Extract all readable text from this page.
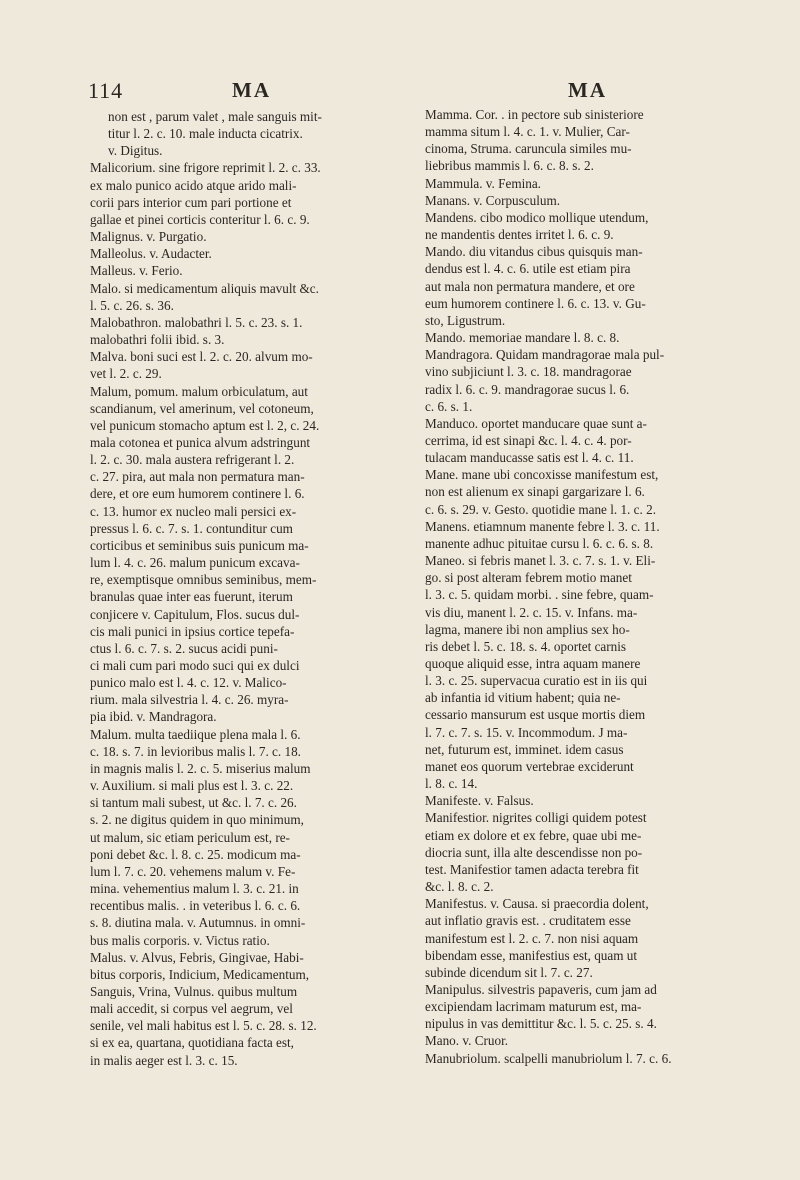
114	MA	MA

non est , parum valet , male sanguis mit-
titur l. 2. c. 10. male inducta cicatrix.
v. Digitus.

Malicorium. sine frigore reprimit l. 2. c. 33.
ex malo punico acido atque arido mali-
corii pars interior cum pari portione et
gallae et pinei corticis conteritur l. 6. c. 9.

Malignus. v. Purgatio.

Malleolus. v. Audacter.

Malleus. v. Ferio.

Malo. si medicamentum aliquis mavult &c.
l. 5. c. 26. s. 36.

Malobathron. malobathri l. 5. c. 23. s. 1.
malobathri folii ibid. s. 3.

Malva. boni suci est l. 2. c. 20. alvum mo-
vet l. 2. c. 29.

Malum, pomum. malum orbiculatum, aut
scandianum, vel amerinum, vel cotoneum,
vel punicum stomacho aptum est l. 2, c. 24.
mala cotonea et punica alvum adstringunt
l. 2. c. 30. mala austera refrigerant l. 2.
c. 27. pira, aut mala non permatura man-
dere, et ore eum humorem continere l. 6.
c. 13. humor ex nucleo mali persici ex-
pressus l. 6. c. 7. s. 1. contunditur cum
corticibus et seminibus suis punicum ma-
lum l. 4. c. 26. malum punicum excava-
re, exemptisque omnibus seminibus, mem-
branulas quae inter eas fuerunt, iterum
conjicere v. Capitulum, Flos. sucus dul-
cis mali punici in ipsius cortice tepefa-
ctus l. 6. c. 7. s. 2. sucus acidi puni-
ci mali cum pari modo suci qui ex dulci
punico malo est l. 4. c. 12. v. Malico-
rium. mala silvestria l. 4. c. 26. myra-
pia ibid. v. Mandragora.

Malum. multa taediique plena mala l. 6.
c. 18. s. 7. in levioribus malis l. 7. c. 18.
in magnis malis l. 2. c. 5. miserius malum
v. Auxilium. si mali plus est l. 3. c. 22.
si tantum mali subest, ut &c. l. 7. c. 26.
s. 2. ne digitus quidem in quo minimum,
ut malum, sic etiam periculum est, re-
poni debet &c. l. 8. c. 25. modicum ma-
lum l. 7. c. 20. vehemens malum v. Fe-
mina. vehementius malum l. 3. c. 21. in
recentibus malis. . in veteribus l. 6. c. 6.
s. 8. diutina mala. v. Autumnus. in omni-
bus malis corporis. v. Victus ratio.

Malus. v. Alvus, Febris, Gingivae, Habi-
bitus corporis, Indicium, Medicamentum,
Sanguis, Vrina, Vulnus. quibus multum
mali accedit, si corpus vel aegrum, vel
senile, vel mali habitus est l. 5. c. 28. s. 12.
si ex ea, quartana, quotidiana facta est,
in malis aeger est l. 3. c. 15.

Mamma. Cor. . in pectore sub sinisteriore
mamma situm l. 4. c. 1. v. Mulier, Car-
cinoma, Struma. caruncula similes mu-
liebribus mammis l. 6. c. 8. s. 2.

Mammula. v. Femina.

Manans. v. Corpusculum.

Mandens. cibo modico mollique utendum,
ne mandentis dentes irritet l. 6. c. 9.

Mando. diu vitandus cibus quisquis man-
dendus est l. 4. c. 6. utile est etiam pira
aut mala non permatura mandere, et ore
eum humorem continere l. 6. c. 13. v. Gu-
sto, Ligustrum.

Mando. memoriae mandare l. 8. c. 8.

Mandragora. Quidam mandragorae mala pul-
vino subjiciunt l. 3. c. 18. mandragorae
radix l. 6. c. 9. mandragorae sucus l. 6.
c. 6. s. 1.

Manduco. oportet manducare quae sunt a-
cerrima, id est sinapi &c. l. 4. c. 4. por-
tulacam manducasse satis est l. 4. c. 11.

Mane. mane ubi concoxisse manifestum est,
non est alienum ex sinapi gargarizare l. 6.
c. 6. s. 29. v. Gesto. quotidie mane l. 1. c. 2.

Manens. etiamnum manente febre l. 3. c. 11.
manente adhuc pituitae cursu l. 6. c. 6. s. 8.

Maneo. si febris manet l. 3. c. 7. s. 1. v. Eli-
go. si post alteram febrem motio manet
l. 3. c. 5. quidam morbi. . sine febre, quam-
vis diu, manent l. 2. c. 15. v. Infans. ma-
lagma, manere ibi non amplius sex ho-
ris debet l. 5. c. 18. s. 4. oportet carnis
quoque aliquid esse, intra aquam manere
l. 3. c. 25. supervacua curatio est in iis qui
ab infantia id vitium habent; quia ne-
cessario mansurum est usque mortis diem
l. 7. c. 7. s. 15. v. Incommodum. J ma-
net, futurum est, imminet. idem casus
manet eos quorum vertebrae exciderunt
l. 8. c. 14.

Manifeste. v. Falsus.

Manifestior. nigrites colligi quidem potest
etiam ex dolore et ex febre, quae ubi me-
diocria sunt, illa alte descendisse non po-
test. Manifestior tamen adacta terebra fit
&c. l. 8. c. 2.

Manifestus. v. Causa. si praecordia dolent,
aut inflatio gravis est. . cruditatem esse
manifestum est l. 2. c. 7. non nisi aquam
bibendam esse, manifestius est, quam ut
subinde dicendum sit l. 7. c. 27.

Manipulus. silvestris papaveris, cum jam ad
excipiendam lacrimam maturum est, ma-
nipulus in vas demittitur &c. l. 5. c. 25. s. 4.

Mano. v. Cruor.

Manubriolum. scalpelli manubriolum l. 7. c. 6.
